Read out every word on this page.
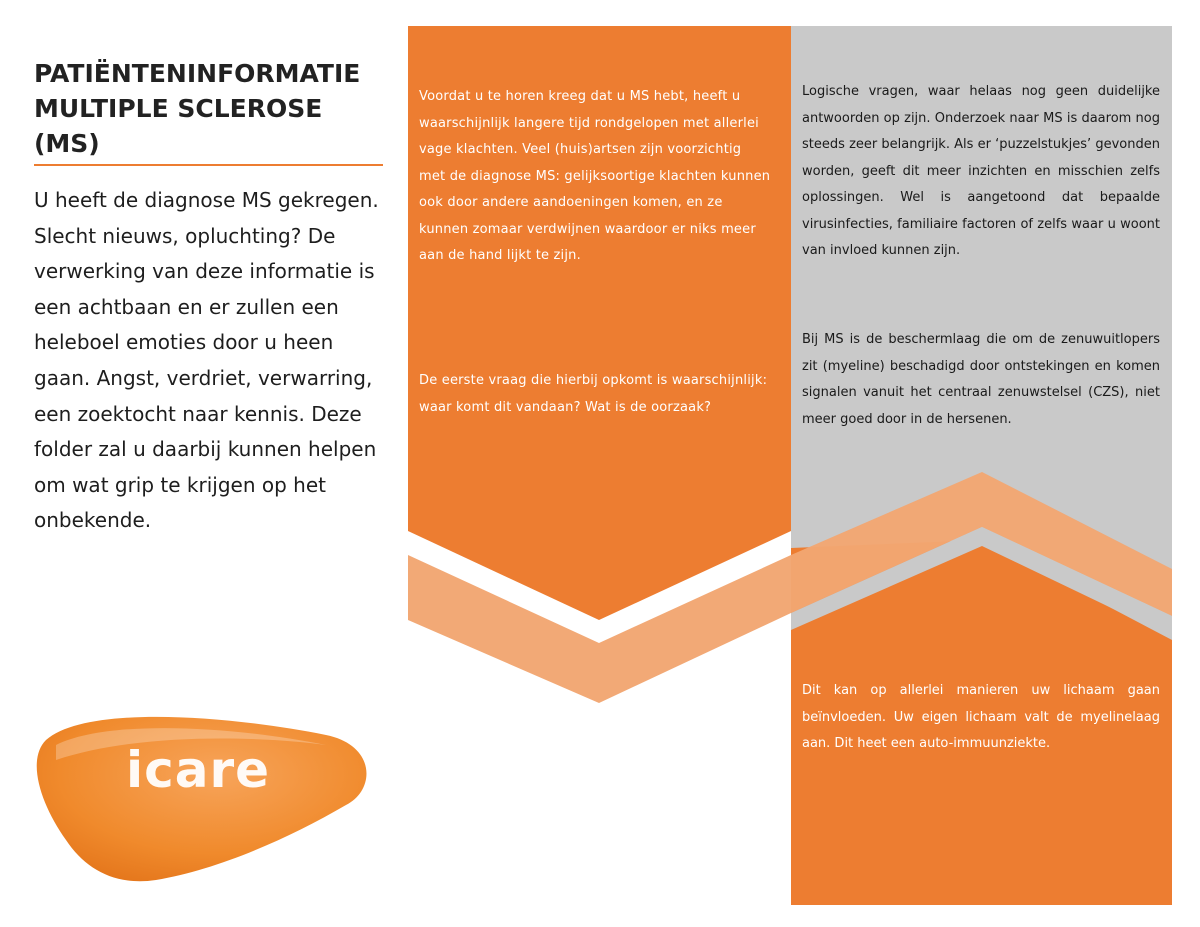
PATIËNTENINFORMATIE
MULTIPLE SCLEROSE
(MS)

U heeft de diagnose MS gekregen. Slecht nieuws, opluchting? De verwerking van deze informatie is een achtbaan en er zullen een heleboel emoties door u heen gaan. Angst, verdriet, verwarring, een zoektocht naar kennis. Deze folder zal u daarbij kunnen helpen om wat grip te krijgen op het onbekende.

icare

Voordat u te horen kreeg dat u MS hebt, heeft u waarschijnlijk langere tijd rondgelopen met allerlei vage klachten. Veel (huis)artsen zijn voorzichtig met de diagnose MS: gelijksoortige klachten kunnen ook door andere aandoeningen komen, en ze kunnen zomaar verdwijnen waardoor er niks meer aan de hand lijkt te zijn.

De eerste vraag die hierbij opkomt is waarschijnlijk: waar komt dit vandaan? Wat is de oorzaak?

Logische vragen, waar helaas nog geen duidelijke antwoorden op zijn. Onderzoek naar MS is daarom nog steeds zeer belangrijk. Als er ‘puzzelstukjes’ gevonden worden, geeft dit meer inzichten en misschien zelfs oplossingen. Wel is aangetoond dat bepaalde virusinfecties, familiaire factoren of zelfs waar u woont van invloed kunnen zijn.

Bij MS is de beschermlaag die om de zenuwuitlopers zit (myeline) beschadigd door ontstekingen en komen signalen vanuit het centraal zenuwstelsel (CZS), niet meer goed door in de hersenen.

Dit kan op allerlei manieren uw lichaam gaan beïnvloeden. Uw eigen lichaam valt de myelinelaag aan. Dit heet een auto-immuunziekte.
